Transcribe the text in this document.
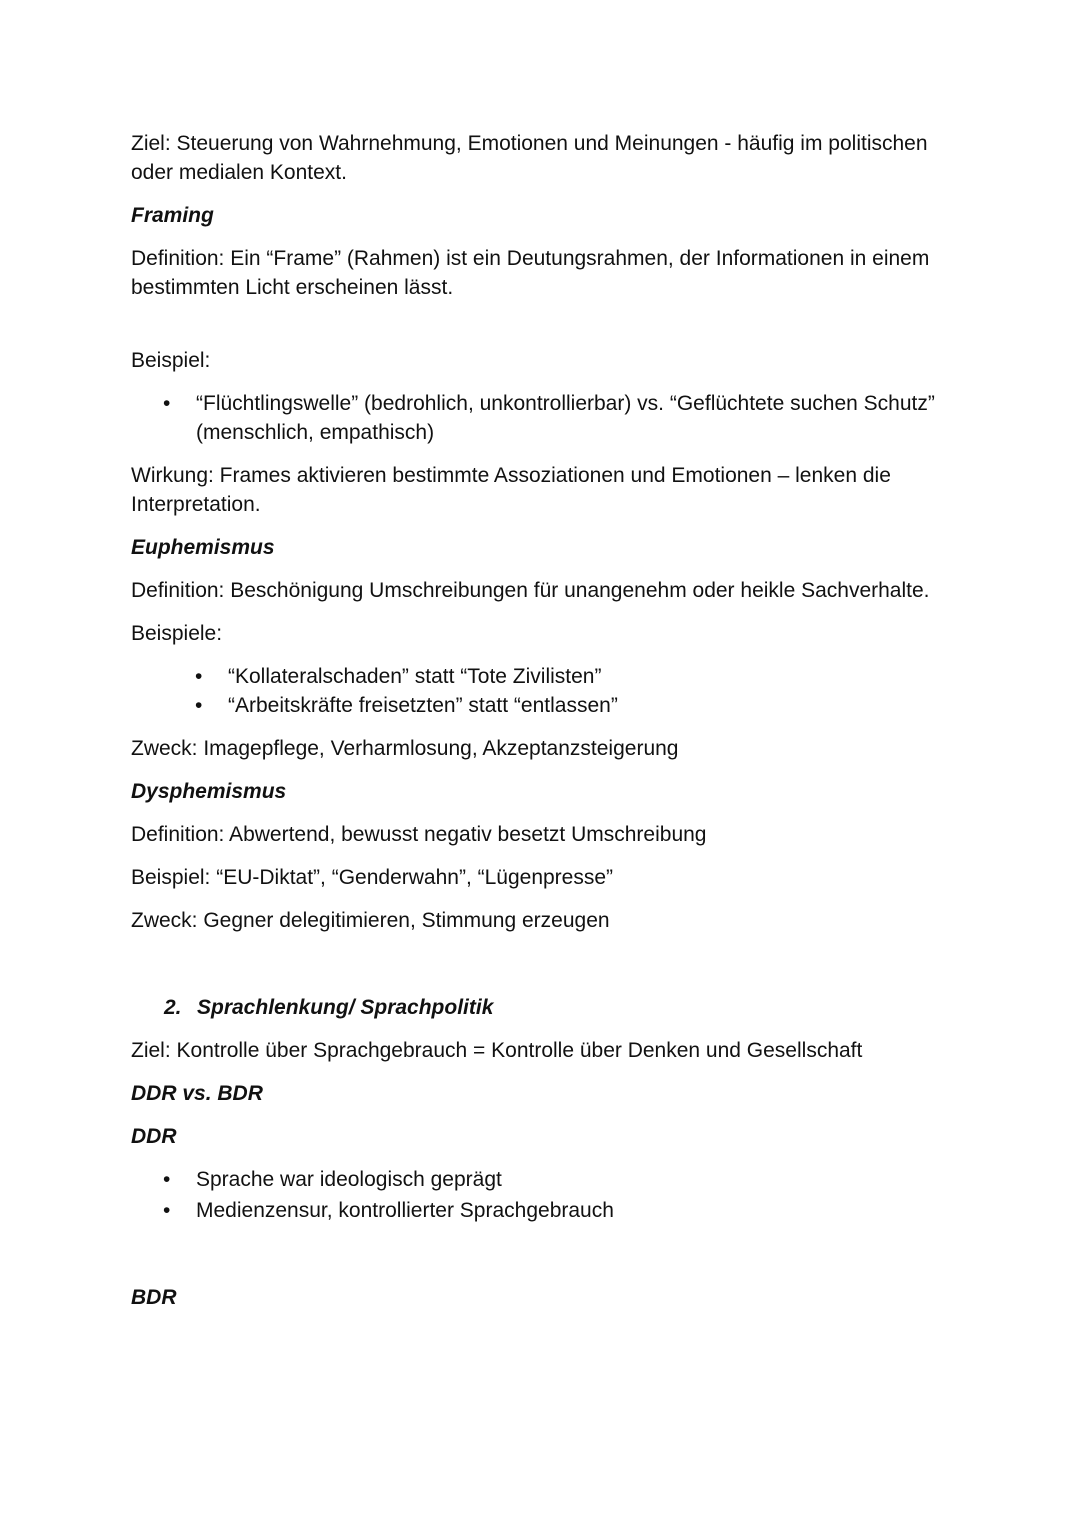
Ziel: Steuerung von Wahrnehmung, Emotionen und Meinungen - häufig im politischen oder medialen Kontext.

Framing

Definition: Ein “Frame” (Rahmen) ist ein Deutungsrahmen, der Informationen in einem bestimmten Licht erscheinen lässt.

Beispiel:

• “Flüchtlingswelle” (bedrohlich, unkontrollierbar) vs. “Geflüchtete suchen Schutz” (menschlich, empathisch)

Wirkung: Frames aktivieren bestimmte Assoziationen und Emotionen – lenken die Interpretation.

Euphemismus

Definition: Beschönigung Umschreibungen für unangenehm oder heikle Sachverhalte.

Beispiele:

• “Kollateralschaden” statt “Tote Zivilisten”
• “Arbeitskräfte freisetzten” statt “entlassen”

Zweck: Imagepflege, Verharmlosung, Akzeptanzsteigerung

Dysphemismus

Definition: Abwertend, bewusst negativ besetzt Umschreibung

Beispiel: “EU-Diktat”, “Genderwahn”, “Lügenpresse”

Zweck: Gegner delegitimieren, Stimmung erzeugen

2. Sprachlenkung/ Sprachpolitik

Ziel: Kontrolle über Sprachgebrauch = Kontrolle über Denken und Gesellschaft

DDR vs. BDR
DDR
• Sprache war ideologisch geprägt
• Medienzensur, kontrollierter Sprachgebrauch
BDR
